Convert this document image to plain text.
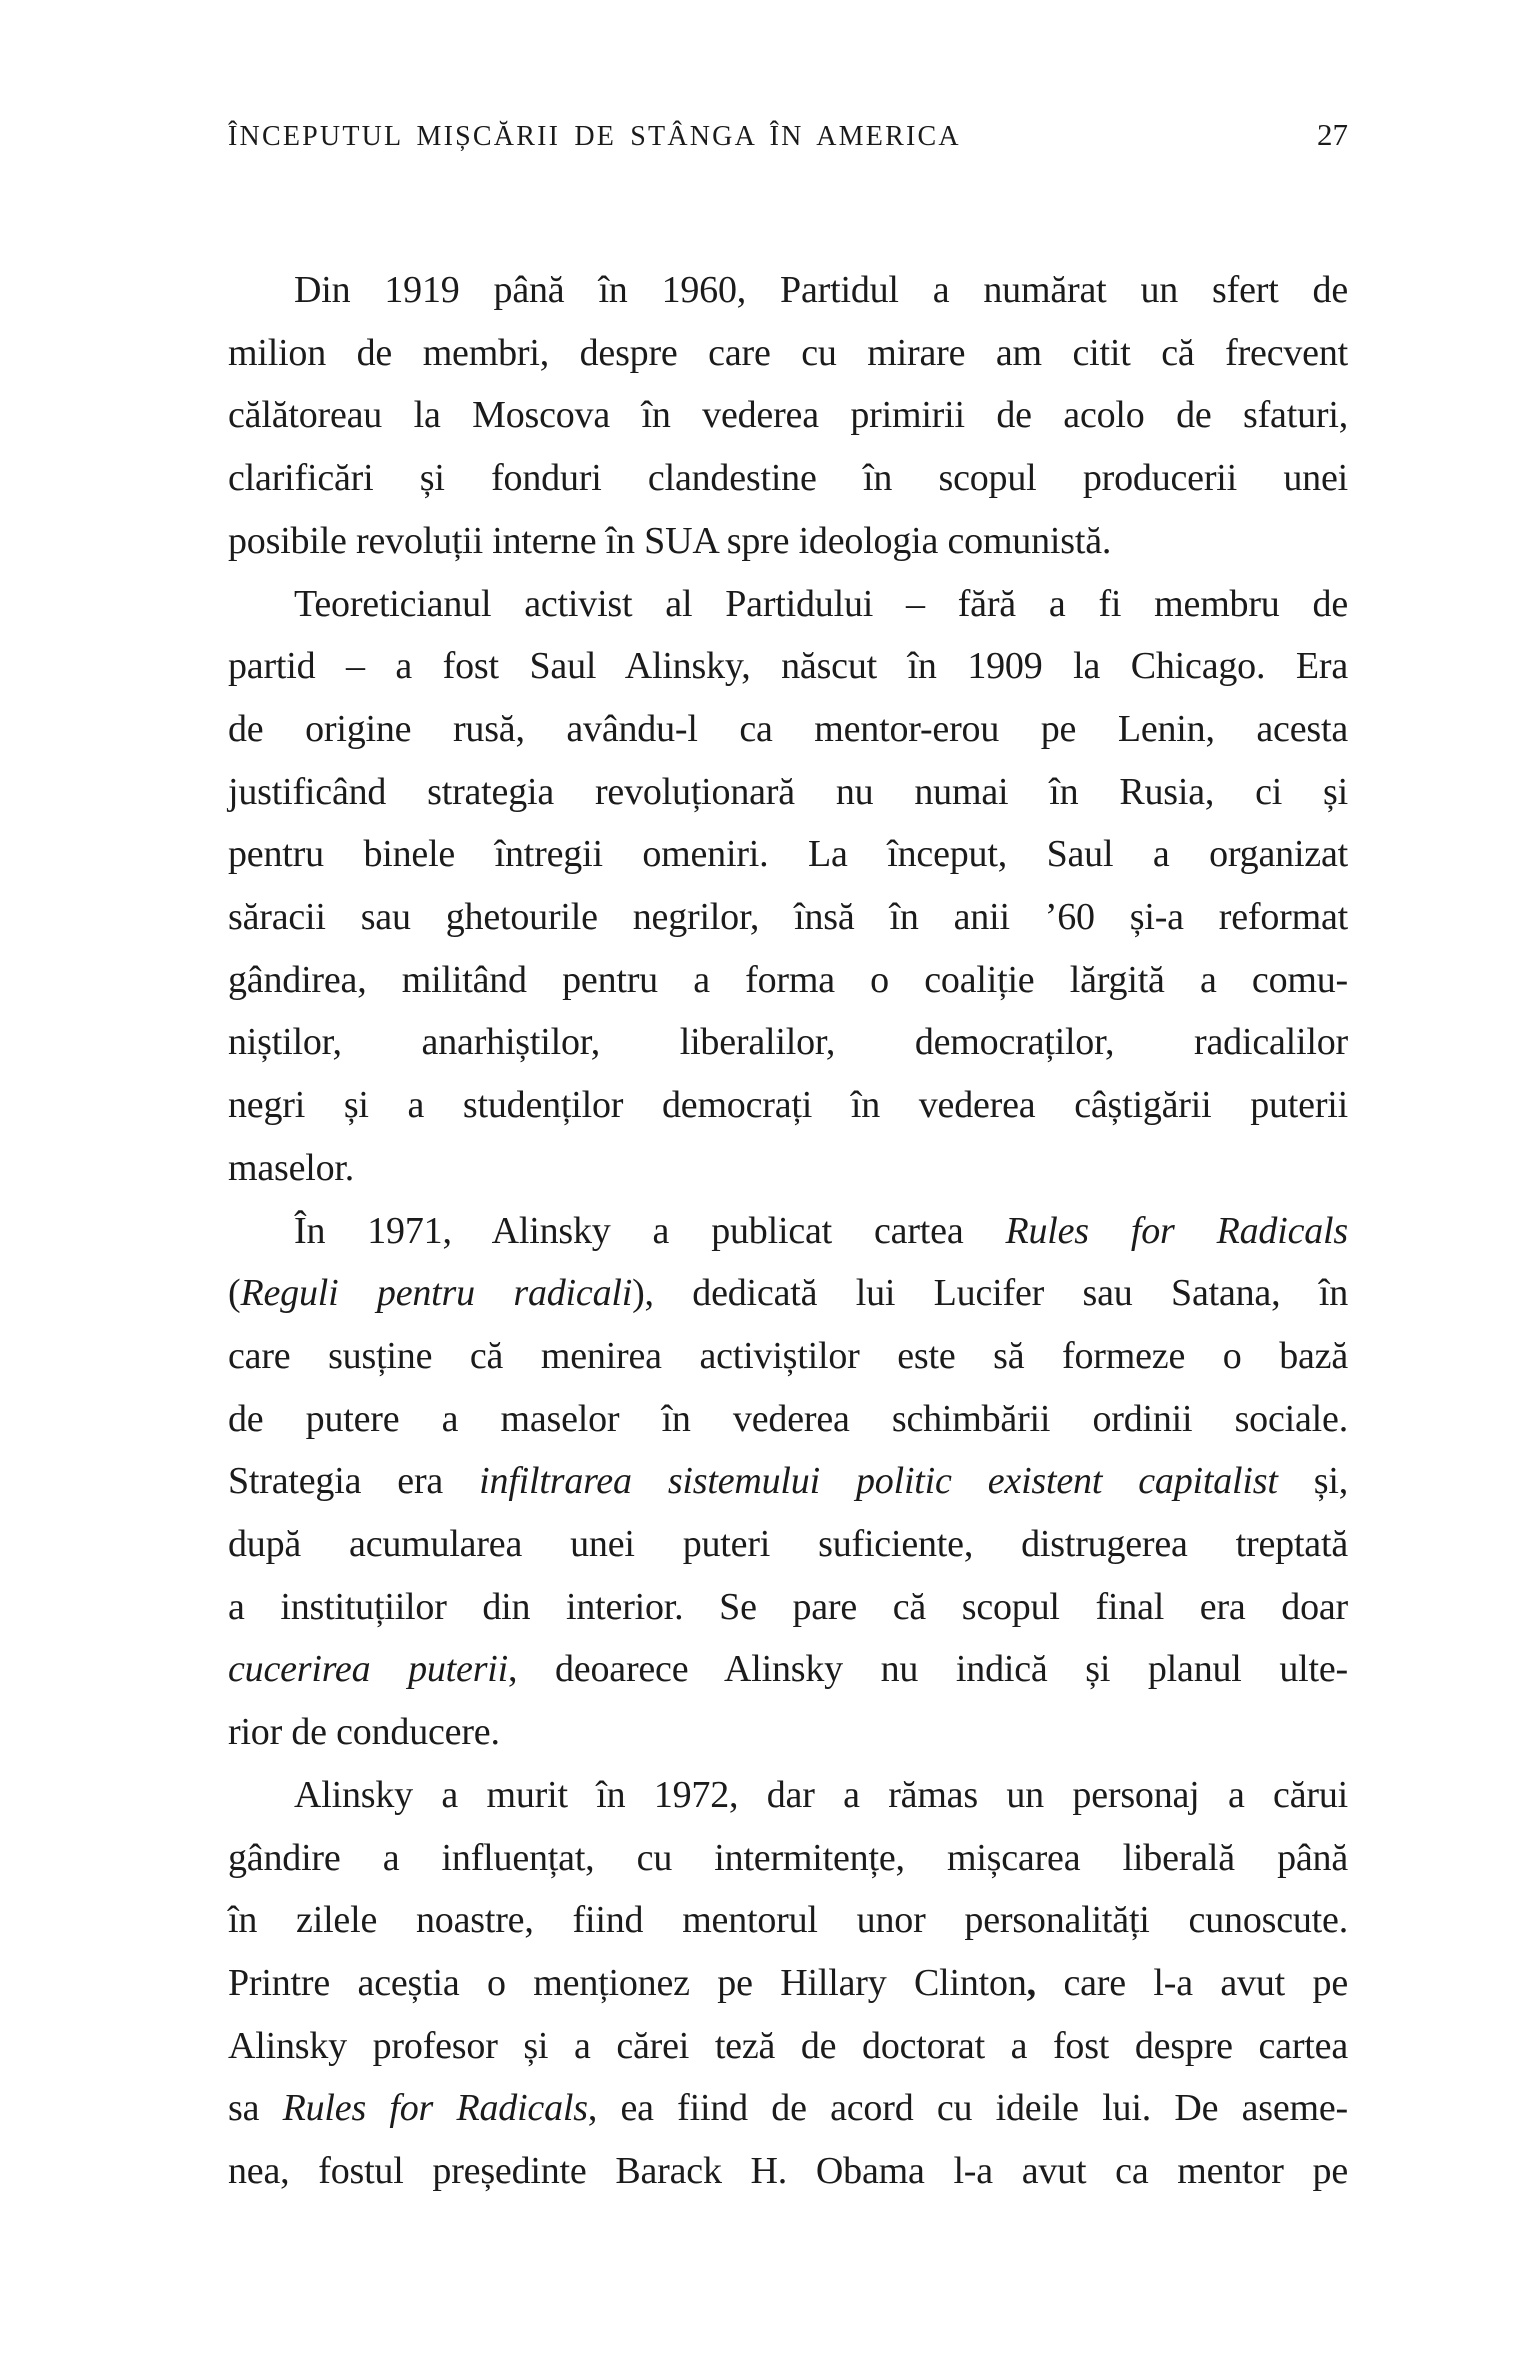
ÎNCEPUTUL MIȘCĂRII DE STÂNGA ÎN AMERICA	27
Din 1919 până în 1960, Partidul a numărat un sfert de
milion de membri, despre care cu mirare am citit că frecvent
călătoreau la Moscova în vederea primirii de acolo de sfaturi,
clarificări și fonduri clandestine în scopul producerii unei
posibile revoluții interne în SUA spre ideologia comunistă.
Teoreticianul activist al Partidului – fără a fi membru de
partid – a fost Saul Alinsky, născut în 1909 la Chicago. Era
de origine rusă, avându-l ca mentor-erou pe Lenin, acesta
justificând strategia revoluționară nu numai în Rusia, ci și
pentru binele întregii omeniri. La început, Saul a organizat
săracii sau ghetourile negrilor, însă în anii ’60 și-a reformat
gândirea, militând pentru a forma o coaliție lărgită a comu-
niștilor, anarhiștilor, liberalilor, democraților, radicalilor
negri și a studenților democrați în vederea câștigării puterii
maselor.
În 1971, Alinsky a publicat cartea Rules for Radicals
(Reguli pentru radicali), dedicată lui Lucifer sau Satana, în
care susține că menirea activiștilor este să formeze o bază
de putere a maselor în vederea schimbării ordinii sociale.
Strategia era infiltrarea sistemului politic existent capitalist și,
după acumularea unei puteri suficiente, distrugerea treptată
a instituțiilor din interior. Se pare că scopul final era doar
cucerirea puterii, deoarece Alinsky nu indică și planul ulte-
rior de conducere.
Alinsky a murit în 1972, dar a rămas un personaj a cărui
gândire a influențat, cu intermitențe, mișcarea liberală până
în zilele noastre, fiind mentorul unor personalități cunoscute.
Printre aceștia o menționez pe Hillary Clinton, care l-a avut pe
Alinsky profesor și a cărei teză de doctorat a fost despre cartea
sa Rules for Radicals, ea fiind de acord cu ideile lui. De aseme-
nea, fostul președinte Barack H. Obama l-a avut ca mentor pe
